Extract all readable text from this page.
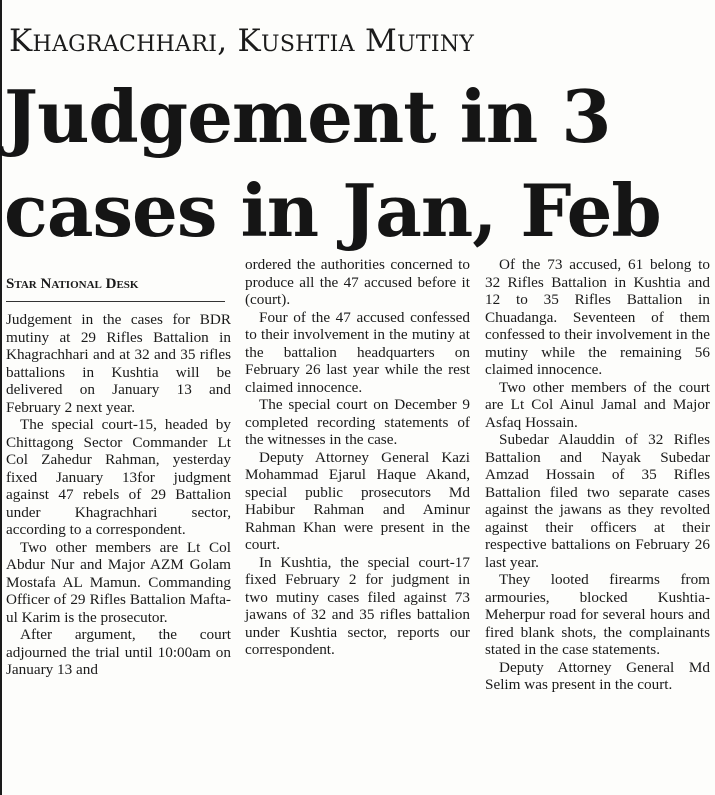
Khagrachhari, Kushtia Mutiny
Judgement in 3 cases in Jan, Feb
Star National Desk

Judgement in the cases for BDR mutiny at 29 Rifles Battalion in Khagrachhari and at 32 and 35 rifles battalions in Kushtia will be delivered on January 13 and February 2 next year.

The special court-15, headed by Chittagong Sector Commander Lt Col Zahedur Rahman, yesterday fixed January 13for judgment against 47 rebels of 29 Battalion under Khagrachhari sector, according to a correspondent.

Two other members are Lt Col Abdur Nur and Major AZM Golam Mostafa AL Mamun. Commanding Officer of 29 Rifles Battalion Mafta-ul Karim is the prosecutor.

After argument, the court adjourned the trial until 10:00am on January 13 and

ordered the authorities concerned to produce all the 47 accused before it (court).

Four of the 47 accused confessed to their involvement in the mutiny at the battalion headquarters on February 26 last year while the rest claimed innocence.

The special court on December 9 completed recording statements of the witnesses in the case.

Deputy Attorney General Kazi Mohammad Ejarul Haque Akand, special public prosecutors Md Habibur Rahman and Aminur Rahman Khan were present in the court.

In Kushtia, the special court-17 fixed February 2 for judgment in two mutiny cases filed against 73 jawans of 32 and 35 rifles battalion under Kushtia sector, reports our correspondent.

Of the 73 accused, 61 belong to 32 Rifles Battalion in Kushtia and 12 to 35 Rifles Battalion in Chuadanga. Seventeen of them confessed to their involvement in the mutiny while the remaining 56 claimed innocence.

Two other members of the court are Lt Col Ainul Jamal and Major Asfaq Hossain.

Subedar Alauddin of 32 Rifles Battalion and Nayak Subedar Amzad Hossain of 35 Rifles Battalion filed two separate cases against the jawans as they revolted against their officers at their respective battalions on February 26 last year.

They looted firearms from armouries, blocked Kushtia-Meherpur road for several hours and fired blank shots, the complainants stated in the case statements.

Deputy Attorney General Md Selim was present in the court.
